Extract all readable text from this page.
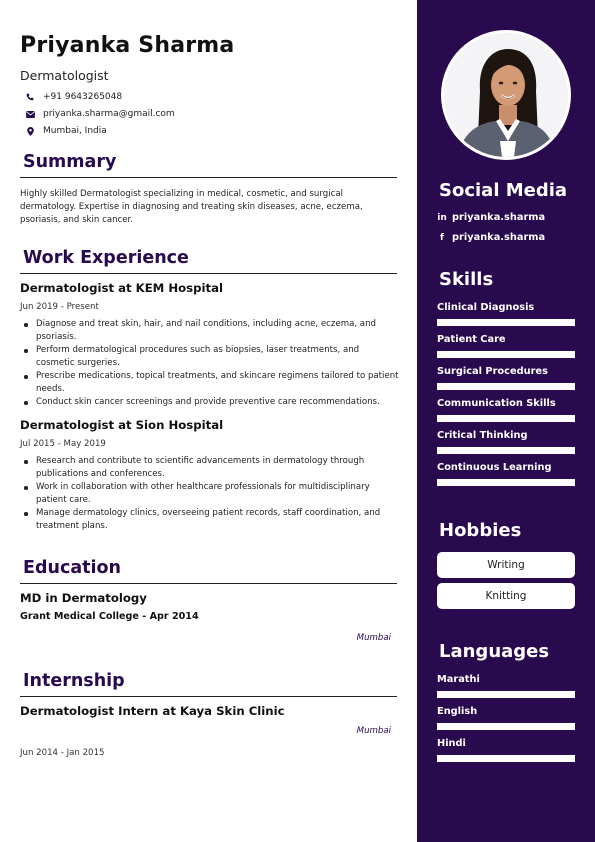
Priyanka Sharma
Dermatologist
+91 9643265048
priyanka.sharma@gmail.com
Mumbai, India
Summary
Highly skilled Dermatologist specializing in medical, cosmetic, and surgical dermatology. Expertise in diagnosing and treating skin diseases, acne, eczema, psoriasis, and skin cancer.
Work Experience
Dermatologist at KEM Hospital
Jun 2019 - Present
Diagnose and treat skin, hair, and nail conditions, including acne, eczema, and psoriasis.
Perform dermatological procedures such as biopsies, laser treatments, and cosmetic surgeries.
Prescribe medications, topical treatments, and skincare regimens tailored to patient needs.
Conduct skin cancer screenings and provide preventive care recommendations.
Dermatologist at Sion Hospital
Jul 2015 - May 2019
Research and contribute to scientific advancements in dermatology through publications and conferences.
Work in collaboration with other healthcare professionals for multidisciplinary patient care.
Manage dermatology clinics, overseeing patient records, staff coordination, and treatment plans.
Education
MD in Dermatology
Grant Medical College - Apr 2014
Mumbai
Internship
Dermatologist Intern at Kaya Skin Clinic
Mumbai
Jun 2014 - Jan 2015
Social Media
in priyanka.sharma
f priyanka.sharma
Skills
Clinical Diagnosis
Patient Care
Surgical Procedures
Communication Skills
Critical Thinking
Continuous Learning
Hobbies
Writing
Knitting
Languages
Marathi
English
Hindi
